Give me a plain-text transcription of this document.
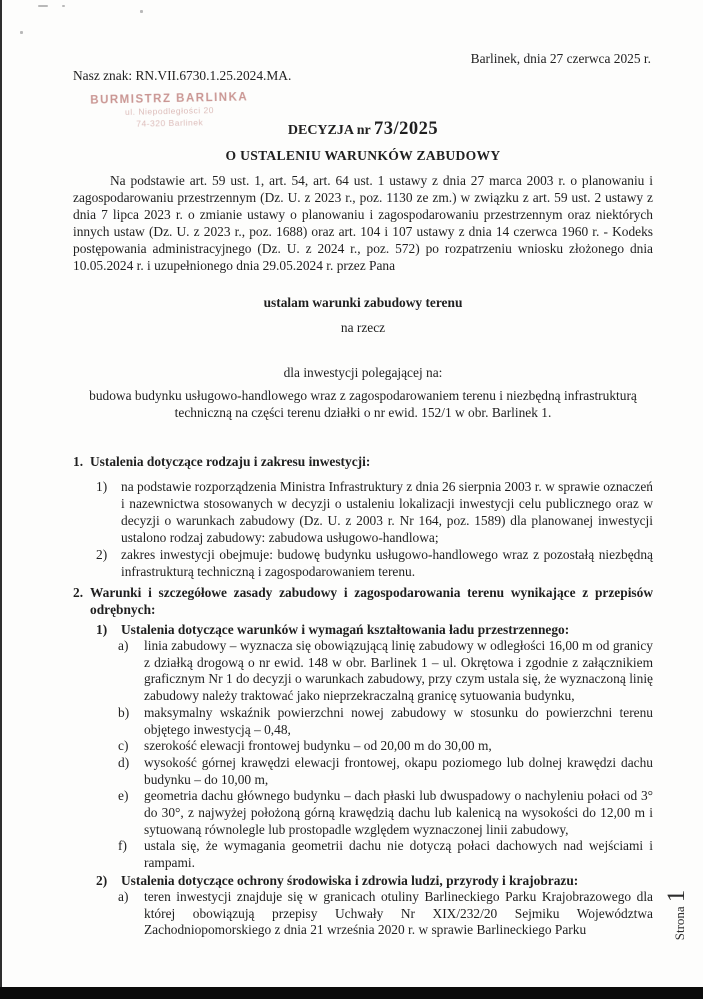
BURMISTRZ BARLINKA
ul. Niepodległości 20
74-320 Barlinek
Barlinek, dnia 27 czerwca 2025 r.
Nasz znak: RN.VII.6730.1.25.2024.MA.
DECYZJA nr 73/2025
O USTALENIU WARUNKÓW ZABUDOWY

Na podstawie art. 59 ust. 1, art. 54, art. 64 ust. 1 ustawy z dnia 27 marca 2003 r. o planowaniu i zagospodarowaniu przestrzennym (Dz. U. z 2023 r., poz. 1130 ze zm.) w związku z art. 59 ust. 2 ustawy z dnia 7 lipca 2023 r. o zmianie ustawy o planowaniu i zagospodarowaniu przestrzennym oraz niektórych innych ustaw (Dz. U. z 2023 r., poz. 1688) oraz art. 104 i 107 ustawy z dnia 14 czerwca 1960 r. - Kodeks postępowania administracyjnego (Dz. U. z 2024 r., poz. 572) po rozpatrzeniu wniosku złożonego dnia 10.05.2024 r. i uzupełnionego dnia 29.05.2024 r. przez Pana

ustalam warunki zabudowy terenu
na rzecz
dla inwestycji polegającej na:
budowa budynku usługowo-handlowego wraz z zagospodarowaniem terenu i niezbędną infrastrukturą techniczną na części terenu działki o nr ewid. 152/1 w obr. Barlinek 1.
1. Ustalenia dotyczące rodzaju i zakresu inwestycji:
1) na podstawie rozporządzenia Ministra Infrastruktury z dnia 26 sierpnia 2003 r. w sprawie oznaczeń i nazewnictwa stosowanych w decyzji o ustaleniu lokalizacji inwestycji celu publicznego oraz w decyzji o warunkach zabudowy (Dz. U. z 2003 r. Nr 164, poz. 1589) dla planowanej inwestycji ustalono rodzaj zabudowy: zabudowa usługowo-handlowa;
2) zakres inwestycji obejmuje: budowę budynku usługowo-handlowego wraz z pozostałą niezbędną infrastrukturą techniczną i zagospodarowaniem terenu.
2. Warunki i szczegółowe zasady zabudowy i zagospodarowania terenu wynikające z przepisów odrębnych:
1) Ustalenia dotyczące warunków i wymagań kształtowania ładu przestrzennego:
a) linia zabudowy – wyznacza się obowiązującą linię zabudowy w odległości 16,00 m od granicy z działką drogową o nr ewid. 148 w obr. Barlinek 1 – ul. Okrętowa i zgodnie z załącznikiem graficznym Nr 1 do decyzji o warunkach zabudowy, przy czym ustala się, że wyznaczoną linię zabudowy należy traktować jako nieprzekraczalną granicę sytuowania budynku,
b) maksymalny wskaźnik powierzchni nowej zabudowy w stosunku do powierzchni terenu objętego inwestycją – 0,48,
c) szerokość elewacji frontowej budynku – od 20,00 m do 30,00 m,
d) wysokość górnej krawędzi elewacji frontowej, okapu poziomego lub dolnej krawędzi dachu budynku – do 10,00 m,
e) geometria dachu głównego budynku – dach płaski lub dwuspadowy o nachyleniu połaci od 3° do 30°, z najwyżej położoną górną krawędzią dachu lub kalenicą na wysokości do 12,00 m i sytuowaną równolegle lub prostopadle względem wyznaczonej linii zabudowy,
f) ustala się, że wymagania geometrii dachu nie dotyczą połaci dachowych nad wejściami i rampami.
2) Ustalenia dotyczące ochrony środowiska i zdrowia ludzi, przyrody i krajobrazu:
a) teren inwestycji znajduje się w granicach otuliny Barlineckiego Parku Krajobrazowego dla której obowiązują przepisy Uchwały Nr XIX/232/20 Sejmiku Województwa Zachodniopomorskiego z dnia 21 września 2020 r. w sprawie Barlineckiego Parku	Strona
1
